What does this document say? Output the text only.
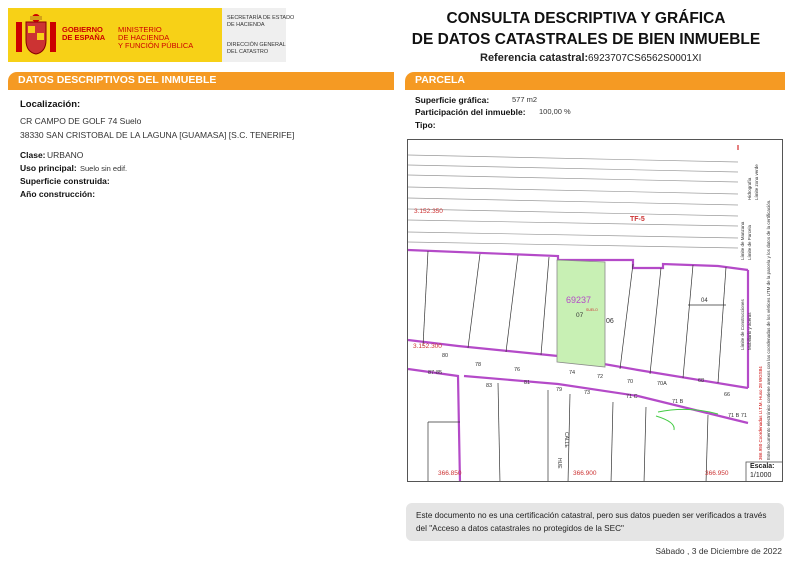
GOBIERNO
DE ESPAÑA
MINISTERIO
DE HACIENDA
Y FUNCIÓN PÚBLICA
SECRETARÍA DE ESTADO
DE HACIENDA
DIRECCIÓN GENERAL
DEL CATASTRO
CONSULTA DESCRIPTIVA Y GRÁFICA
DE DATOS CATASTRALES DE BIEN INMUEBLE
Referencia catastral: 6923707CS6562S0001XI
DATOS DESCRIPTIVOS DEL INMUEBLE
Localización:
CR CAMPO DE GOLF 74 Suelo
38330 SAN CRISTOBAL DE LA LAGUNA [GUAMASA] [S.C. TENERIFE]
Clase: URBANO
Uso principal: Suelo sin edif.
Superficie construida:
Año construcción:
PARCELA
Superficie gráfica:	577 m2
Participación del inmueble: 100,00 %
Tipo:
Límite de Manzana Límite de Parcela
Límite de Construcciones Mobiliario y aceras
Límite zona verde
Hidrografía
366.950 Coordenadas U.T.M. Huso 28 WGS84 Este documento electrónico contiene anexos con las coordenadas de los vértices UTM de la parcela y los datos de la certificación.
3.152.350
TF-5
3.152.300
366.850	366.900	366.950
69237
07
SUELO
06
04
80
78
76	74
72
70	70A	68
66
87-85
83	81
79	73
71 C
71 B
71 B 71
CALLE
HUE	Escala:
1/1000
Este documento no es una certificación catastral, pero sus datos pueden ser verificados a través del "Acceso a datos catastrales no protegidos de la SEC"
Sábado , 3 de Diciembre de 2022
